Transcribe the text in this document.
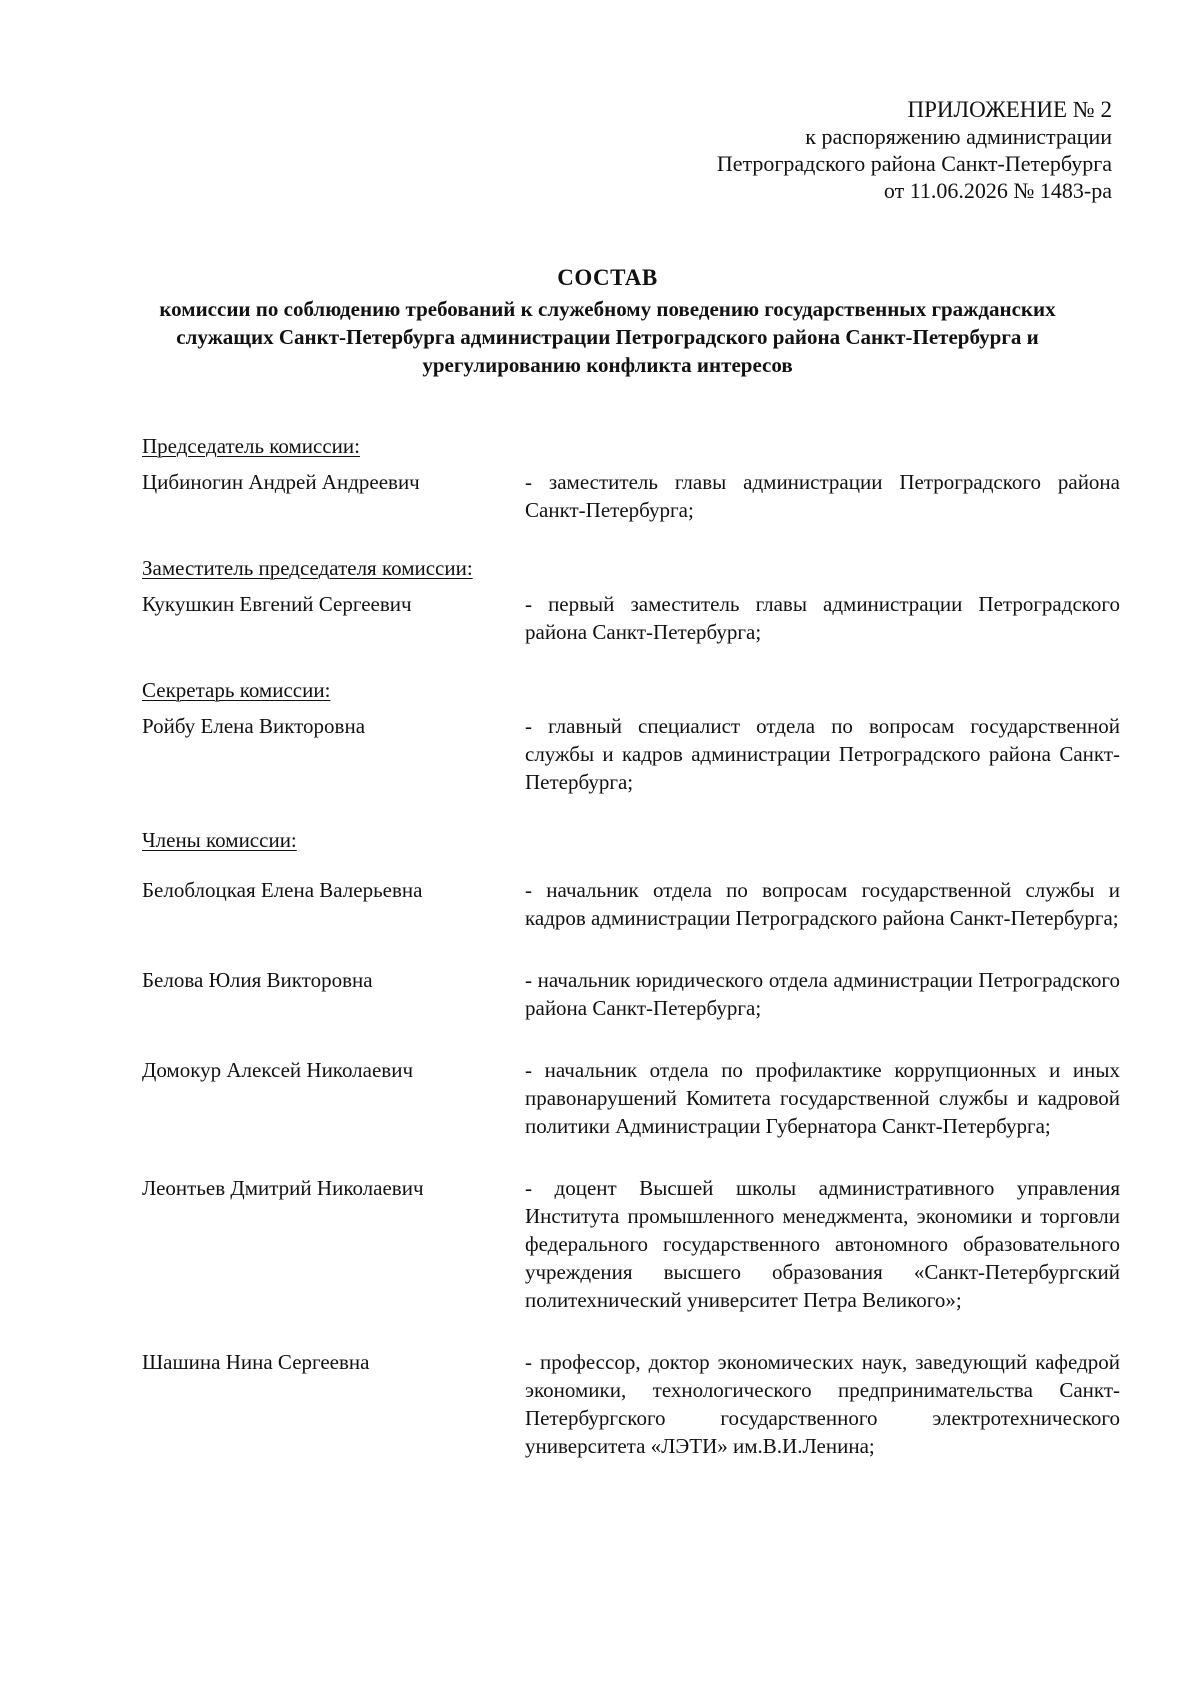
ПРИЛОЖЕНИЕ № 2
к распоряжению администрации
Петроградского района Санкт-Петербурга
от 11.06.2026 № 1483-ра
СОСТАВ
комиссии по соблюдению требований к служебному поведению государственных гражданских служащих Санкт-Петербурга администрации Петроградского района Санкт-Петербурга и урегулированию конфликта интересов
Председатель комиссии:
Цибиногин Андрей Андреевич	- заместитель главы администрации Петроградского района Санкт-Петербурга;
Заместитель председателя комиссии:
Кукушкин Евгений Сергеевич	- первый заместитель главы администрации Петроградского района Санкт-Петербурга;
Секретарь комиссии:
Ройбу Елена Викторовна	- главный специалист отдела по вопросам государственной службы и кадров администрации Петроградского района Санкт-Петербурга;
Члены комиссии:
Белоблоцкая Елена Валерьевна	- начальник отдела по вопросам государственной службы и кадров администрации Петроградского района Санкт-Петербурга;
Белова Юлия Викторовна	- начальник юридического отдела администрации Петроградского района Санкт-Петербурга;
Домокур Алексей Николаевич	- начальник отдела по профилактике коррупционных и иных правонарушений Комитета государственной службы и кадровой политики Администрации Губернатора Санкт-Петербурга;
Леонтьев Дмитрий Николаевич	- доцент Высшей школы административного управления Института промышленного менеджмента, экономики и торговли федерального государственного автономного образовательного учреждения высшего образования «Санкт-Петербургский политехнический университет Петра Великого»;
Шашина Нина Сергеевна	- профессор, доктор экономических наук, заведующий кафедрой экономики, технологического предпринимательства Санкт-Петербургского государственного электротехнического университета «ЛЭТИ» им.В.И.Ленина;
